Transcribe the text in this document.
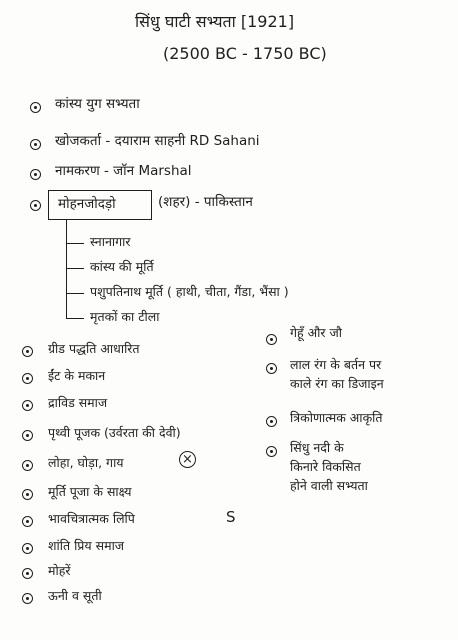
सिंधु घाटी सभ्यता [1921]
(2500 BC - 1750 BC)
कांस्य युग सभ्यता
खोजकर्ता - दयाराम साहनी RD Sahani
नामकरण - जॉन Marshal
मोहनजोदड़ो	(शहर) - पाकिस्तान
स्नानागार
कांस्य की मूर्ति
पशुपतिनाथ मूर्ति ( हाथी, चीता, गैंडा, भैंसा )
मृतकों का टीला
ग्रीड पद्धति आधारित
ईंट के मकान
द्राविड समाज
पृथ्वी पूजक (उर्वरता की देवी)
लोहा, घोड़ा, गाय	×
मूर्ति पूजा के साक्ष्य
भावचित्रात्मक लिपि	S
शांति प्रिय समाज
मोहरें
ऊनी व सूती
गेहूँ और जौ
लाल रंग के बर्तन पर
काले रंग का डिजाइन
त्रिकोणात्मक आकृति
सिंधु नदी के
किनारे विकसित
होने वाली सभ्यता
